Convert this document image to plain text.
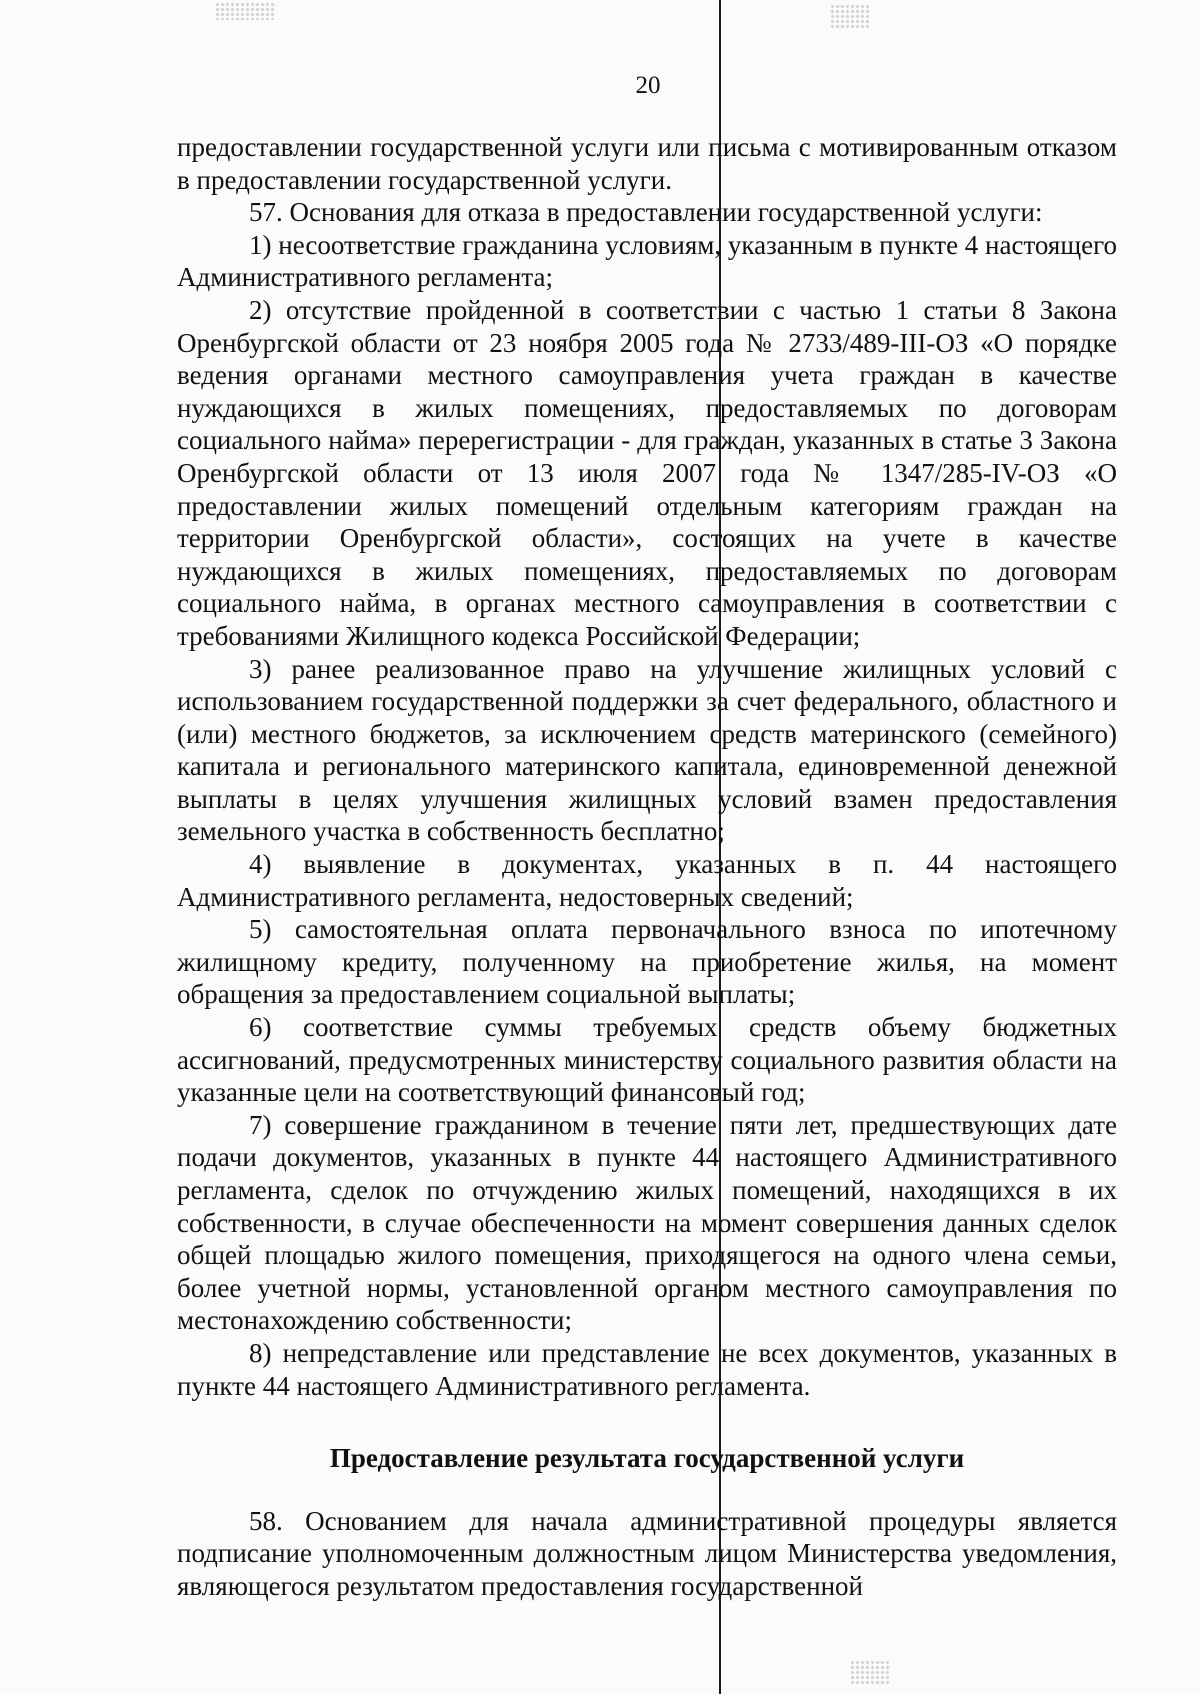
20

предоставлении государственной услуги или письма с мотивированным отказом в предоставлении государственной услуги.

57. Основания для отказа в предоставлении государственной услуги:

1) несоответствие гражданина условиям, указанным в пункте 4 настоящего Административного регламента;

2) отсутствие пройденной в соответствии с частью 1 статьи 8 Закона Оренбургской области от 23 ноября 2005 года № 2733/489-III-ОЗ «О порядке ведения органами местного самоуправления учета граждан в качестве нуждающихся в жилых помещениях, предоставляемых по договорам социального найма» перерегистрации - для граждан, указанных в статье 3 Закона Оренбургской области от 13 июля 2007 года № 1347/285-IV-ОЗ «О предоставлении жилых помещений отдельным категориям граждан на территории Оренбургской области», состоящих на учете в качестве нуждающихся в жилых помещениях, предоставляемых по договорам социального найма, в органах местного самоуправления в соответствии с требованиями Жилищного кодекса Российской Федерации;

3) ранее реализованное право на улучшение жилищных условий с использованием государственной поддержки за счет федерального, областного и (или) местного бюджетов, за исключением средств материнского (семейного) капитала и регионального материнского капитала, единовременной денежной выплаты в целях улучшения жилищных условий взамен предоставления земельного участка в собственность бесплатно;

4) выявление в документах, указанных в п. 44 настоящего Административного регламента, недостоверных сведений;

5) самостоятельная оплата первоначального взноса по ипотечному жилищному кредиту, полученному на приобретение жилья, на момент обращения за предоставлением социальной выплаты;

6) соответствие суммы требуемых средств объему бюджетных ассигнований, предусмотренных министерству социального развития области на указанные цели на соответствующий финансовый год;

7) совершение гражданином в течение пяти лет, предшествующих дате подачи документов, указанных в пункте 44 настоящего Административного регламента, сделок по отчуждению жилых помещений, находящихся в их собственности, в случае обеспеченности на момент совершения данных сделок общей площадью жилого помещения, приходящегося на одного члена семьи, более учетной нормы, установленной органом местного самоуправления по местонахождению собственности;

8) непредставление или представление не всех документов, указанных в пункте 44 настоящего Административного регламента.

Предоставление результата государственной услуги

58. Основанием для начала административной процедуры является подписание уполномоченным должностным лицом Министерства уведомления, являющегося результатом предоставления государственной
